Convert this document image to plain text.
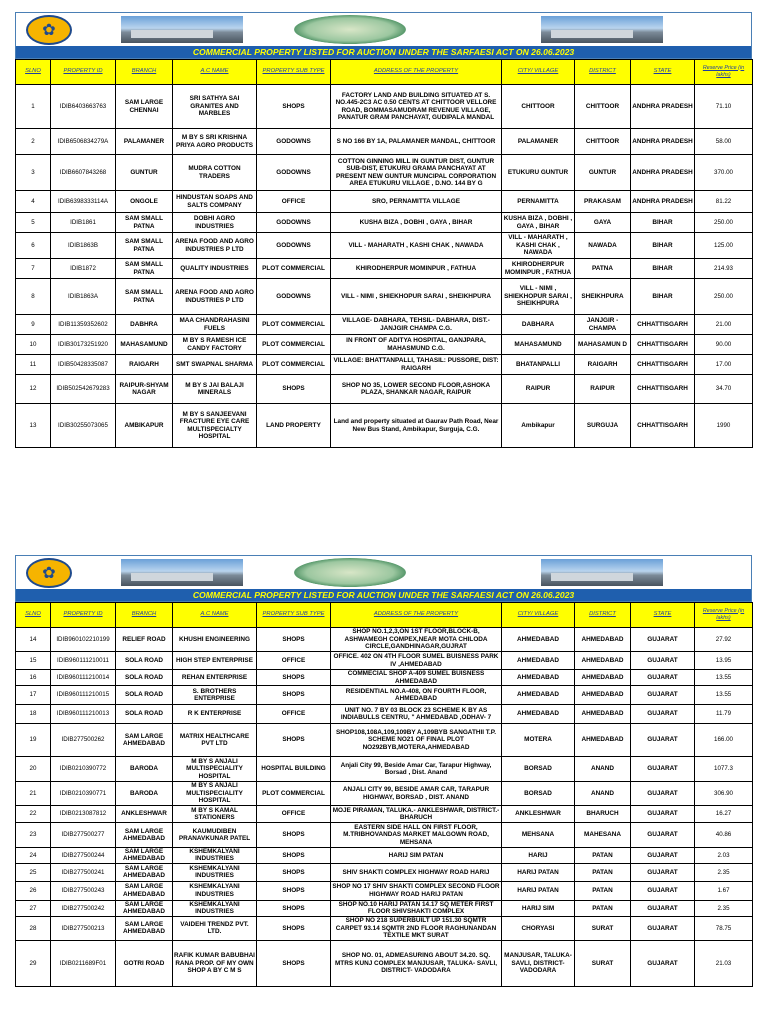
✿
COMMERCIAL PROPERTY LISTED FOR AUCTION UNDER THE SARFAESI ACT ON 26.06.2023
SLNO	PROPERTY ID	BRANCH	A.C NAME	PROPERTY SUB TYPE	ADDRESS OF THE PROPERTY	CITY/ VILLAGE	DISTRICT	STATE	Reserve Price (in lakhs)
1	IDIB6403663763	SAM LARGE CHENNAI	SRI SATHYA SAI GRANITES AND MARBLES	SHOPS	FACTORY LAND AND BUILDING SITUATED AT S. NO.445-2C3 AC 0.50 CENTS AT CHITTOOR VELLORE ROAD, BOMMASAMUDRAM REVENUE VILLAGE, PANATUR GRAM PANCHAYAT, GUDIPALA MANDAL	CHITTOOR	CHITTOOR	ANDHRA PRADESH	71.10
2	IDIB6506834279A	PALAMANER	M BY S SRI KRISHNA PRIYA AGRO PRODUCTS	GODOWNS	S NO 166 BY 1A, PALAMANER MANDAL, CHITTOOR	PALAMANER	CHITTOOR	ANDHRA PRADESH	58.00
3	IDIB6607843268	GUNTUR	MUDRA COTTON TRADERS	GODOWNS	COTTON GINNING MILL IN GUNTUR DIST, GUNTUR SUB-DIST, ETUKURU GRAMA PANCHAYAT AT PRESENT NEW GUNTUR MUNCIPAL CORPORATION AREA ETUKURU VILLAGE , D.NO. 144 BY G	ETUKURU GUNTUR	GUNTUR	ANDHRA PRADESH	370.00
4	IDIB6398333114A	ONGOLE	HINDUSTAN SOAPS AND SALTS COMPANY	OFFICE	SRO, PERNAMITTA VILLAGE	PERNAMITTA	PRAKASAM	ANDHRA PRADESH	81.22
5	IDIB1861	SAM SMALL PATNA	DOBHI AGRO INDUSTRIES	GODOWNS	KUSHA BIZA , DOBHI , GAYA , BIHAR	KUSHA BIZA , DOBHI , GAYA , BIHAR	GAYA	BIHAR	250.00
6	IDIB1863B	SAM SMALL PATNA	ARENA FOOD AND AGRO INDUSTRIES P LTD	GODOWNS	VILL - MAHARATH , KASHI CHAK , NAWADA	VILL - MAHARATH , KASHI CHAK , NAWADA	NAWADA	BIHAR	125.00
7	IDIB1872	SAM SMALL PATNA	QUALITY INDUSTRIES	PLOT COMMERCIAL	KHIRODHERPUR MOMINPUR , FATHUA	KHIRODHERPUR MOMINPUR , FATHUA	PATNA	BIHAR	214.93
8	IDIB1863A	SAM SMALL PATNA	ARENA FOOD AND AGRO INDUSTRIES P LTD	GODOWNS	VILL - NIMI , SHIEKHOPUR SARAI , SHEIKHPURA	VILL - NIMI , SHIEKHOPUR SARAI , SHEIKHPURA	SHEIKHPURA	BIHAR	250.00
9	IDIB11359352602	DABHRA	MAA CHANDRAHASINI FUELS	PLOT COMMERCIAL	VILLAGE- DABHARA, TEHSIL- DABHARA, DIST.- JANJGIR CHAMPA C.G.	DABHARA	JANJGIR - CHAMPA	CHHATTISGARH	21.00
10	IDIB30173251920	MAHASAMUND	M BY S RAMESH ICE CANDY FACTORY	PLOT COMMERCIAL	IN FRONT OF ADITYA HOSPITAL, GANJPARA, MAHASMUND C.G.	MAHASAMUND	MAHASAMUN D	CHHATTISGARH	90.00
11	IDIB50428335087	RAIGARH	SMT SWAPNAL SHARMA	PLOT COMMERCIAL	VILLAGE: BHATTANPALLI, TAHASIL: PUSSORE, DIST: RAIGARH	BHATANPALLI	RAIGARH	CHHATTISGARH	17.00
12	IDIB502542679283	RAIPUR-SHYAM NAGAR	M BY S JAI BALAJI MINERALS	SHOPS	SHOP NO 35, LOWER SECOND FLOOR,ASHOKA PLAZA, SHANKAR NAGAR, RAIPUR	RAIPUR	RAIPUR	CHHATTISGARH	34.70
13	IDIB30255073065	AMBIKAPUR	M BY S SANJEEVANI FRACTURE EYE CARE MULTISPECIALTY HOSPITAL	LAND PROPERTY	Land and property situated at Gaurav Path Road, Near New Bus Stand, Ambikapur, Surguja, C.G.	Ambikapur	SURGUJA	CHHATTISGARH	1990
✿
COMMERCIAL PROPERTY LISTED FOR AUCTION UNDER THE SARFAESI ACT ON 26.06.2023
SLNO	PROPERTY ID	BRANCH	A.C NAME	PROPERTY SUB TYPE	ADDRESS OF THE PROPERTY	CITY/ VILLAGE	DISTRICT	STATE	Reserve Price (in lakhs)
14	IDIB960102210199	RELIEF ROAD	KHUSHI ENGINEERING	SHOPS	SHOP NO.1,2,3,ON 1ST FLOOR,BLOCK-B, ASHWAMEGH COMPEX,NEAR MOTA CHILODA CIRCLE,GANDHINAGAR,GUJRAT	AHMEDABAD	AHMEDABAD	GUJARAT	27.92
15	IDIB960111210011	SOLA ROAD	HIGH STEP ENTERPRISE	OFFICE	OFFICE. 402 ON 4TH FLOOR SUMEL BUISNESS PARK IV ,AHMEDABAD	AHMEDABAD	AHMEDABAD	GUJARAT	13.95
16	IDIB960111210014	SOLA ROAD	REHAN ENTERPRISE	SHOPS	COMMECIAL SHOP A-409 SUMEL BUISNESS AHMEDABAD	AHMEDABAD	AHMEDABAD	GUJARAT	13.55
17	IDIB960111210015	SOLA ROAD	S. BROTHERS ENTERPRISE	SHOPS	RESIDENTIAL NO.A-408, ON FOURTH FLOOR, AHMEDABAD	AHMEDABAD	AHMEDABAD	GUJARAT	13.55
18	IDIB960111210013	SOLA ROAD	R K ENTERPRISE	OFFICE	UNIT NO. 7 BY 03 BLOCK 23 SCHEME K BY AS INDIABULLS CENTRU, " AHMEDABAD ,ODHAV- 7	AHMEDABAD	AHMEDABAD	GUJARAT	11.79
19	IDIB277500262	SAM LARGE AHMEDABAD	MATRIX HEALTHCARE PVT LTD	SHOPS	SHOP108,108A,109,109BY A,109BYB SANGATHII T.P. SCHEME NO21 OF FINAL PLOT NO292BYB,MOTERA,AHMEDABAD	MOTERA	AHMEDABAD	GUJARAT	166.00
20	IDIB0210390772	BARODA	M BY S ANJALI MULTISPECIALITY HOSPITAL	HOSPITAL BUILDING	Anjali City 99, Beside Amar Car, Tarapur Highway, Borsad , Dist. Anand	BORSAD	ANAND	GUJARAT	1077.3
21	IDIB0210390771	BARODA	M BY S ANJALI MULTISPECIALITY HOSPITAL	PLOT COMMERCIAL	ANJALI CITY 99, BESIDE AMAR CAR, TARAPUR HIGHWAY, BORSAD , DIST. ANAND	BORSAD	ANAND	GUJARAT	306.90
22	IDIB0213087812	ANKLESHWAR	M BY S KAMAL STATIONERS	OFFICE	MOJE PIRAMAN, TALUKA.- ANKLESHWAR, DISTRICT.- BHARUCH	ANKLESHWAR	BHARUCH	GUJARAT	16.27
23	IDIB277500277	SAM LARGE AHMEDABAD	KAUMUDIBEN PRANAVKUNAR PATEL	SHOPS	EASTERN SIDE HALL ON FIRST FLOOR, M.TRIBHOVANDAS MARKET MALGOWN ROAD, MEHSANA	MEHSANA	MAHESANA	GUJARAT	40.86
24	IDIB277500244	SAM LARGE AHMEDABAD	KSHEMKALYANI INDUSTRIES	SHOPS	HARIJ SIM PATAN	HARIJ	PATAN	GUJARAT	2.03
25	IDIB277500241	SAM LARGE AHMEDABAD	KSHEMKALYANI INDUSTRIES	SHOPS	SHIV SHAKTI COMPLEX HIGHWAY ROAD HARIJ	HARIJ PATAN	PATAN	GUJARAT	2.35
26	IDIB277500243	SAM LARGE AHMEDABAD	KSHEMKALYANI INDUSTRIES	SHOPS	SHOP NO 17 SHIV SHAKTI COMPLEX SECOND FLOOR HIGHWAY ROAD HARIJ PATAN	HARIJ PATAN	PATAN	GUJARAT	1.67
27	IDIB277500242	SAM LARGE AHMEDABAD	KSHEMKALYANI INDUSTRIES	SHOPS	SHOP NO.10 HARIJ PATAN 14.17 SQ METER FIRST FLOOR SHIVSHAKTI COMPLEX	HARIJ SIM	PATAN	GUJARAT	2.35
28	IDIB277500213	SAM LARGE AHMEDABAD	VAIDEHI TRENDZ PVT. LTD.	SHOPS	SHOP NO 218 SUPERBUILT UP 151.30 SQMTR CARPET 93.14 SQMTR 2ND FLOOR RAGHUNANDAN TEXTILE MKT SURAT	CHORYASI	SURAT	GUJARAT	78.75
29	IDIB0211689F01	GOTRI ROAD	RAFIK KUMAR BABUBHAI RANA PROP. OF MY OWN SHOP A BY C M S	SHOPS	SHOP NO. 01, ADMEASURING ABOUT 34.20. SQ. MTRS KUNJ COMPLEX MANJUSAR, TALUKA- SAVLI, DISTRICT- VADODARA	MANJUSAR, TALUKA- SAVLI, DISTRICT- VADODARA	SURAT	GUJARAT	21.03
